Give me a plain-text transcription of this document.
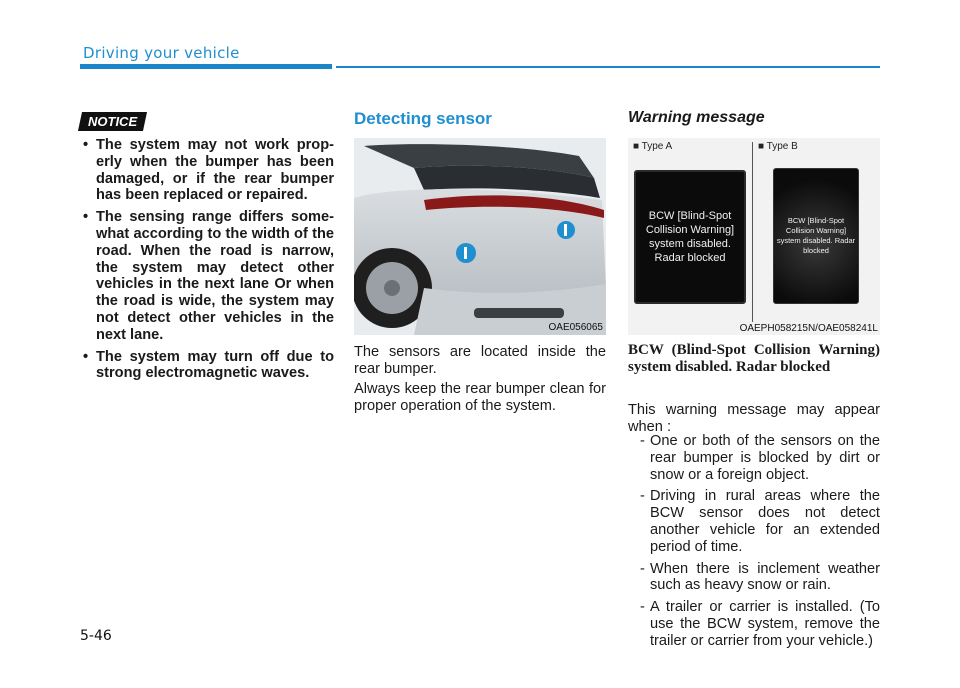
Driving your vehicle
NOTICE
• The system may not work properly when the bumper has been damaged, or if the rear bumper has been replaced or repaired.
• The sensing range differs somewhat according to the width of the road. When the road is narrow, the system may detect other vehicles in the next lane Or when the road is wide, the system may not detect other vehicles in the next lane.
• The system may turn off due to strong electromagnetic waves.
Detecting sensor
OAE056065
The sensors are located inside the rear bumper.
Always keep the rear bumper clean for proper operation of the system.
Warning message
■ Type A	■ Type B
BCW [Blind-Spot Collision Warning] system disabled. Radar blocked
BCW [Blind-Spot Collision Warning] system disabled. Radar blocked
OAEPH058215N/OAE058241L
BCW (Blind-Spot Collision Warning) system disabled. Radar blocked
This warning message may appear when :
- One or both of the sensors on the rear bumper is blocked by dirt or snow or a foreign object.
- Driving in rural areas where the BCW sensor does not detect another vehicle for an extended period of time.
- When there is inclement weather such as heavy snow or rain.
- A trailer or carrier is installed. (To use the BCW system, remove the trailer or carrier from your vehicle.)
5-46
